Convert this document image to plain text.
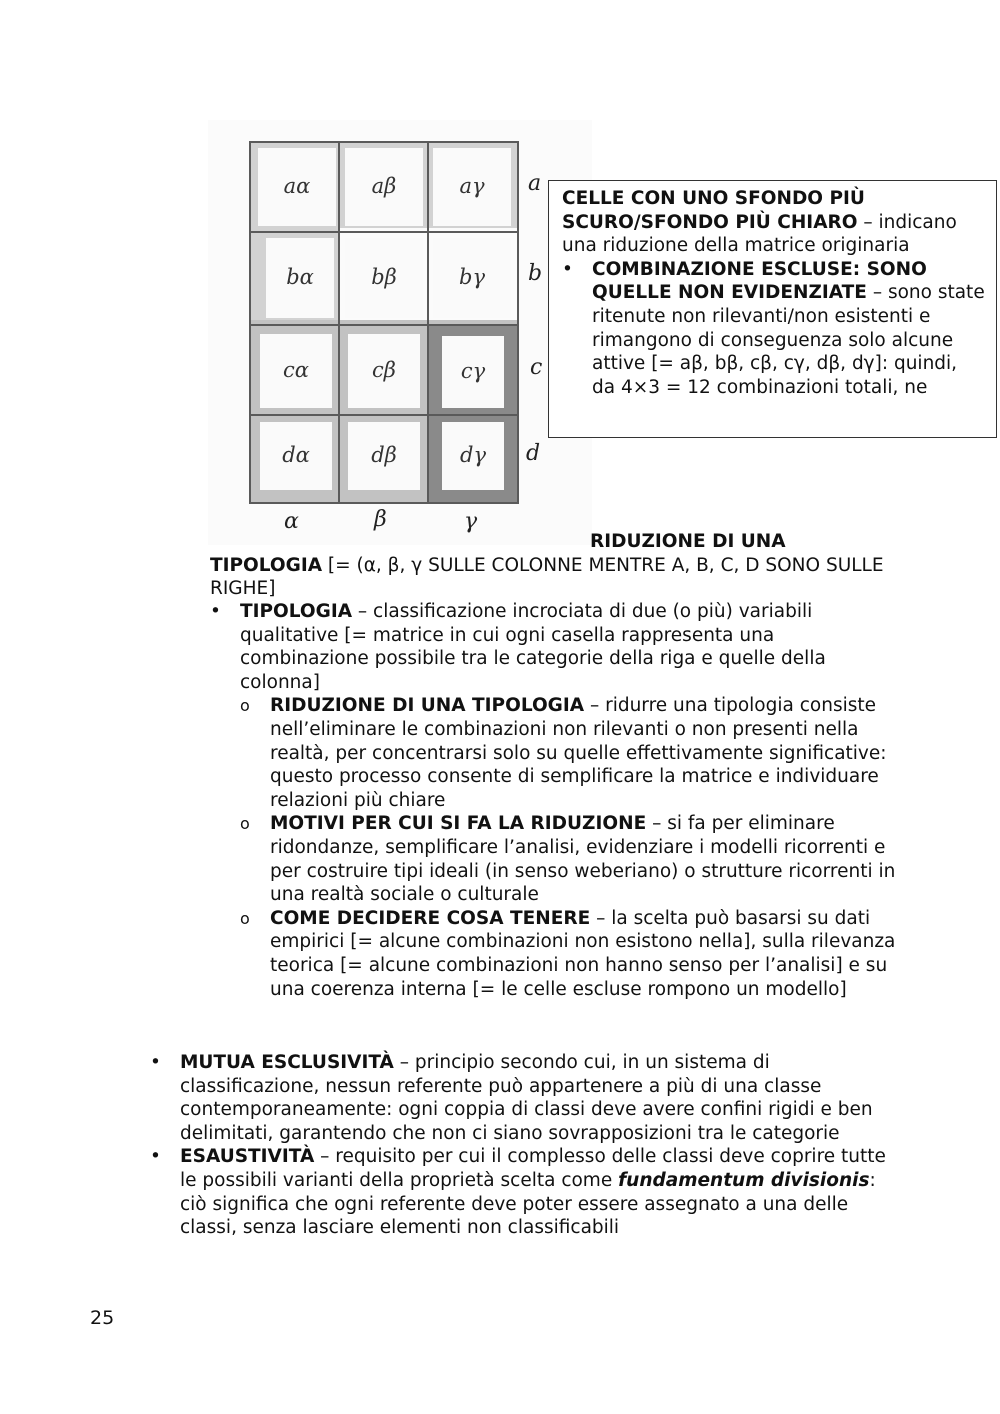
aα	aβ	aγ
bα	bβ	bγ
cα	cβ	cγ
dα	dβ	dγ
a
b
c
d
α	β	γ
CELLE CON UNO SFONDO PIÙ SCURO/SFONDO PIÙ CHIARO – indicano una riduzione della matrice originaria
• COMBINAZIONE ESCLUSE: SONO QUELLE NON EVIDENZIATE – sono state ritenute non rilevanti/non esistenti e rimangono di conseguenza solo alcune attive [= aβ, bβ, cβ, cγ, dβ, dγ]: quindi, da 4×3 = 12 combinazioni totali, ne
RIDUZIONE DI UNA
TIPOLOGIA [= (α, β, γ SULLE COLONNE MENTRE A, B, C, D SONO SULLE RIGHE]
• TIPOLOGIA – classificazione incrociata di due (o più) variabili qualitative [= matrice in cui ogni casella rappresenta una combinazione possibile tra le categorie della riga e quelle della colonna]
o RIDUZIONE DI UNA TIPOLOGIA – ridurre una tipologia consiste nell’eliminare le combinazioni non rilevanti o non presenti nella realtà, per concentrarsi solo su quelle effettivamente significative: questo processo consente di semplificare la matrice e individuare relazioni più chiare
o MOTIVI PER CUI SI FA LA RIDUZIONE – si fa per eliminare ridondanze, semplificare l’analisi, evidenziare i modelli ricorrenti e per costruire tipi ideali (in senso weberiano) o strutture ricorrenti in una realtà sociale o culturale
o COME DECIDERE COSA TENERE – la scelta può basarsi su dati empirici [= alcune combinazioni non esistono nella], sulla rilevanza teorica [= alcune combinazioni non hanno senso per l’analisi] e su una coerenza interna [= le celle escluse rompono un modello]
• MUTUA ESCLUSIVITÀ – principio secondo cui, in un sistema di classificazione, nessun referente può appartenere a più di una classe contemporaneamente: ogni coppia di classi deve avere confini rigidi e ben delimitati, garantendo che non ci siano sovrapposizioni tra le categorie
• ESAUSTIVITÀ – requisito per cui il complesso delle classi deve coprire tutte le possibili varianti della proprietà scelta come fundamentum divisionis: ciò significa che ogni referente deve poter essere assegnato a una delle classi, senza lasciare elementi non classificabili
25
